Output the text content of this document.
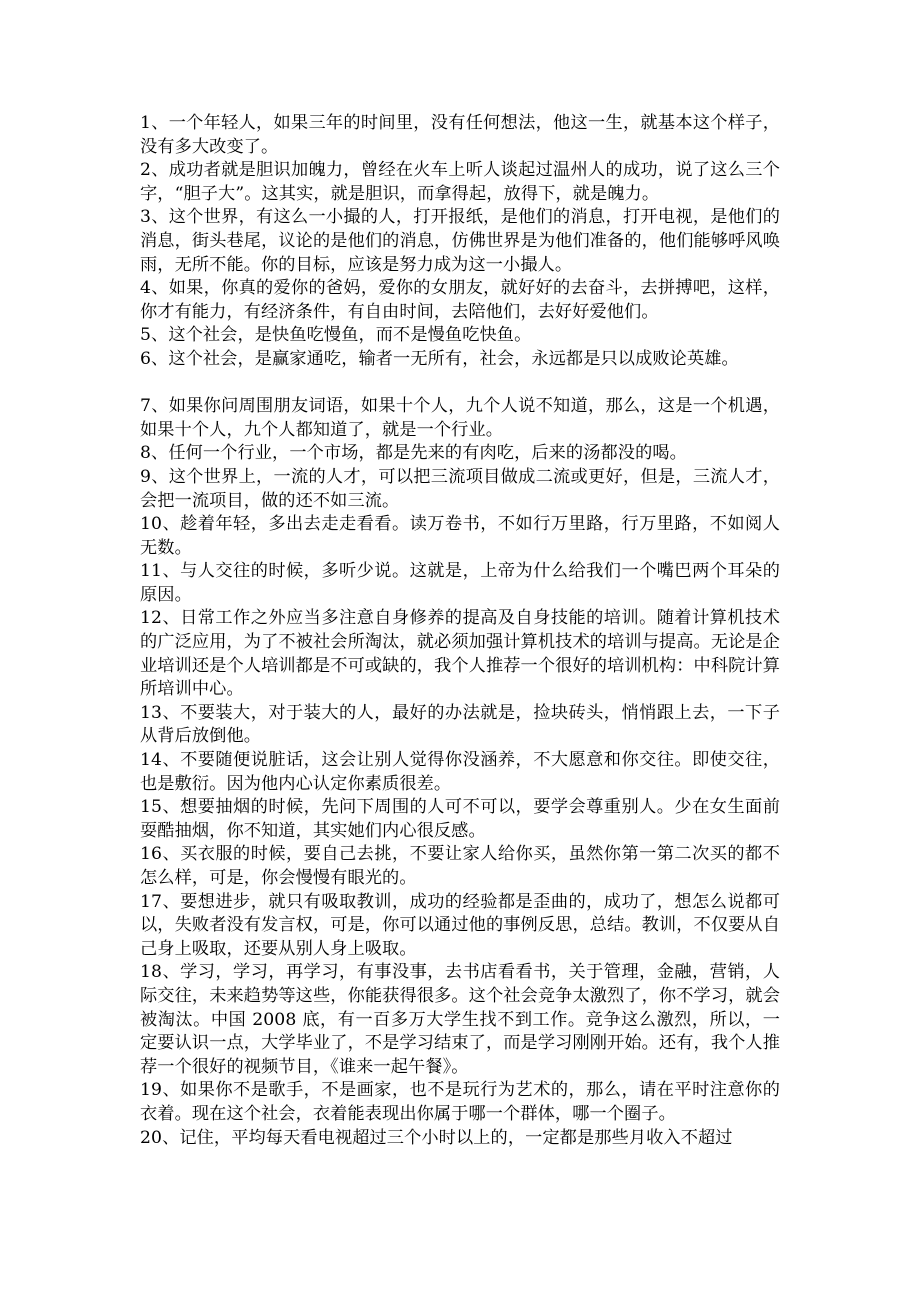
1、一个年轻人，如果三年的时间里，没有任何想法，他这一生，就基本这个样子，没有多大改变了。

2、成功者就是胆识加魄力，曾经在火车上听人谈起过温州人的成功，说了这么三个字，“胆子大”。这其实，就是胆识，而拿得起，放得下，就是魄力。

3、这个世界，有这么一小撮的人，打开报纸，是他们的消息，打开电视，是他们的消息，街头巷尾，议论的是他们的消息，仿佛世界是为他们准备的，他们能够呼风唤雨，无所不能。你的目标，应该是努力成为这一小撮人。

4、如果，你真的爱你的爸妈，爱你的女朋友，就好好的去奋斗，去拼搏吧，这样，你才有能力，有经济条件，有自由时间，去陪他们，去好好爱他们。

5、这个社会，是快鱼吃慢鱼，而不是慢鱼吃快鱼。

6、这个社会，是赢家通吃，输者一无所有，社会，永远都是只以成败论英雄。

7、如果你问周围朋友词语，如果十个人，九个人说不知道，那么，这是一个机遇，如果十个人，九个人都知道了，就是一个行业。

8、任何一个行业，一个市场，都是先来的有肉吃，后来的汤都没的喝。

9、这个世界上，一流的人才，可以把三流项目做成二流或更好，但是，三流人才，会把一流项目，做的还不如三流。

10、趁着年轻，多出去走走看看。读万卷书，不如行万里路，行万里路，不如阅人无数。

11、与人交往的时候，多听少说。这就是，上帝为什么给我们一个嘴巴两个耳朵的原因。

12、日常工作之外应当多注意自身修养的提高及自身技能的培训。随着计算机技术的广泛应用，为了不被社会所淘汰，就必须加强计算机技术的培训与提高。无论是企业培训还是个人培训都是不可或缺的，我个人推荐一个很好的培训机构：中科院计算所培训中心。

13、不要装大，对于装大的人，最好的办法就是，捡块砖头，悄悄跟上去，一下子从背后放倒他。

14、不要随便说脏话，这会让别人觉得你没涵养，不大愿意和你交往。即使交往，也是敷衍。因为他内心认定你素质很差。

15、想要抽烟的时候，先问下周围的人可不可以，要学会尊重别人。少在女生面前耍酷抽烟，你不知道，其实她们内心很反感。

16、买衣服的时候，要自己去挑，不要让家人给你买，虽然你第一第二次买的都不怎么样，可是，你会慢慢有眼光的。

17、要想进步，就只有吸取教训，成功的经验都是歪曲的，成功了，想怎么说都可以，失败者没有发言权，可是，你可以通过他的事例反思，总结。教训，不仅要从自己身上吸取，还要从别人身上吸取。

18、学习，学习，再学习，有事没事，去书店看看书，关于管理，金融，营销，人际交往，未来趋势等这些，你能获得很多。这个社会竞争太激烈了，你不学习，就会被淘汰。中国 2008 底，有一百多万大学生找不到工作。竞争这么激烈，所以，一定要认识一点，大学毕业了，不是学习结束了，而是学习刚刚开始。还有，我个人推荐一个很好的视频节目，《谁来一起午餐》。

19、如果你不是歌手，不是画家，也不是玩行为艺术的，那么，请在平时注意你的衣着。现在这个社会，衣着能表现出你属于哪一个群体，哪一个圈子。

20、记住，平均每天看电视超过三个小时以上的，一定都是那些月收入不超过
